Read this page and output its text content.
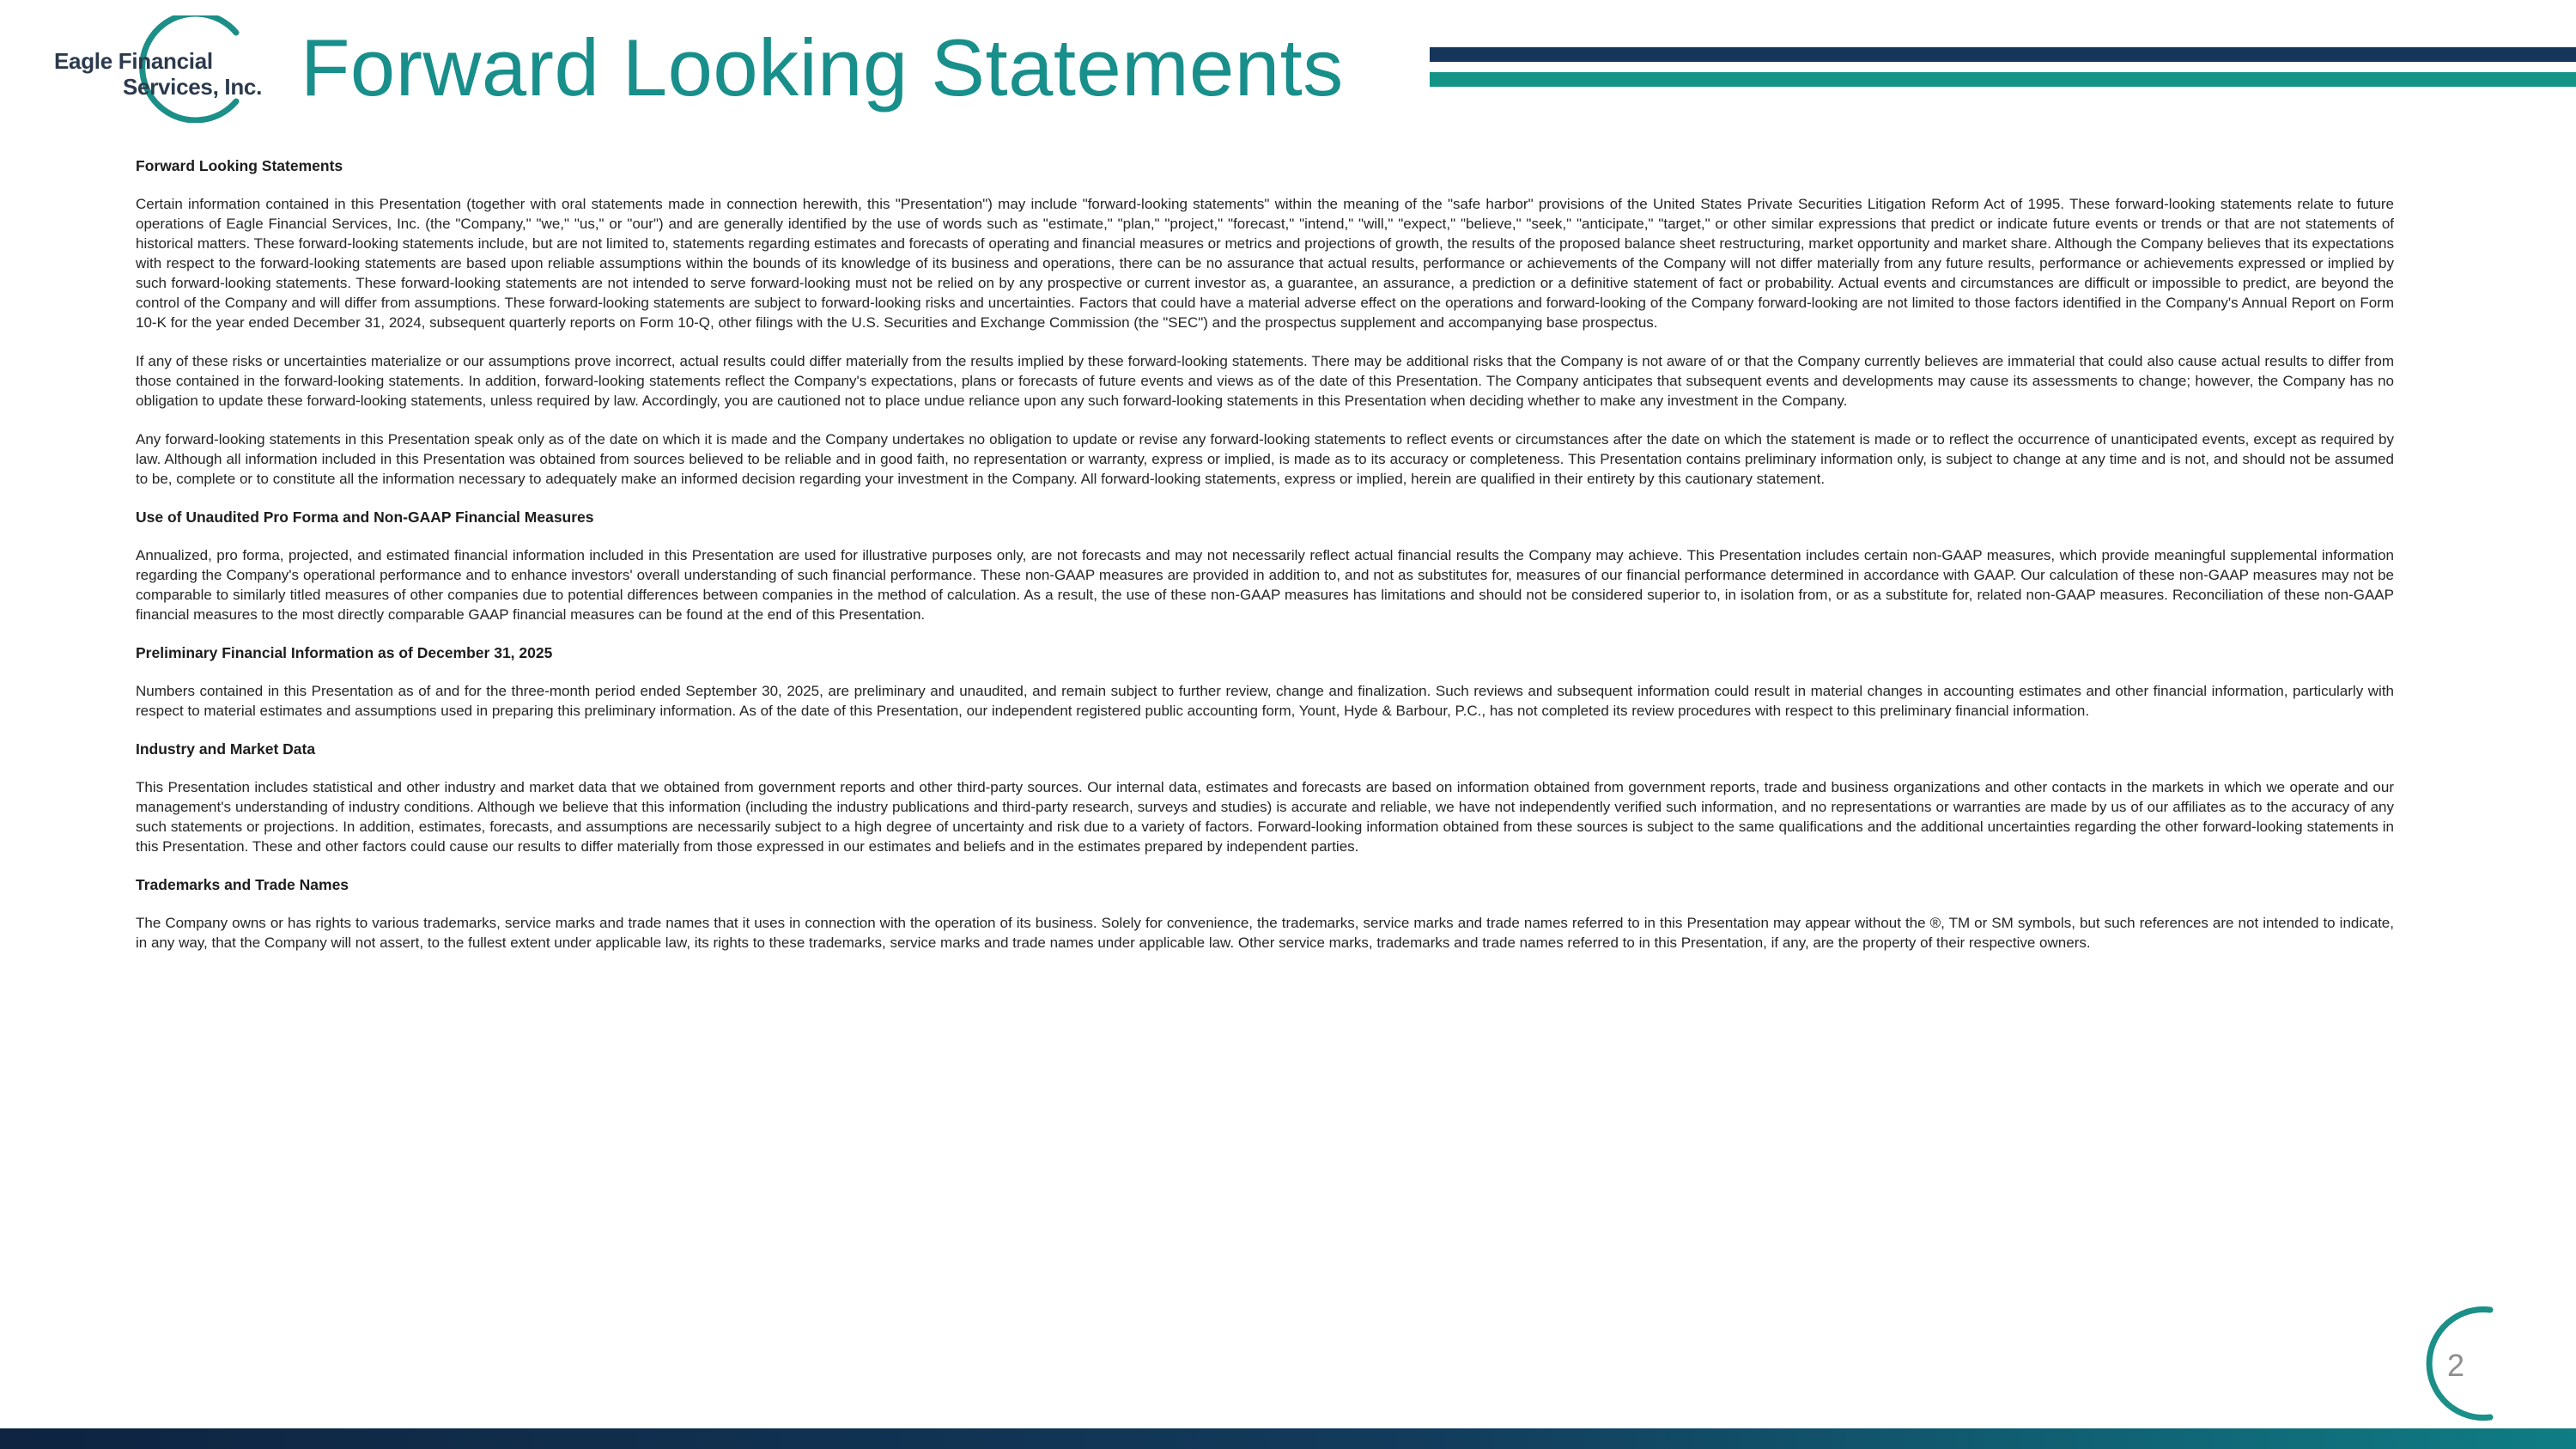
Eagle Financial
Services, Inc. Forward Looking Statements
Forward Looking Statements

Certain information contained in this Presentation (together with oral statements made in connection herewith, this "Presentation") may include "forward-looking statements" within the meaning of the "safe harbor" provisions of the United States Private Securities Litigation Reform Act of 1995. These forward-looking statements relate to future operations of Eagle Financial Services, Inc. (the "Company," "we," "us," or "our") and are generally identified by the use of words such as "estimate," "plan," "project," "forecast," "intend," "will," "expect," "believe," "seek," "anticipate," "target," or other similar expressions that predict or indicate future events or trends or that are not statements of historical matters. These forward-looking statements include, but are not limited to, statements regarding estimates and forecasts of operating and financial measures or metrics and projections of growth, the results of the proposed balance sheet restructuring, market opportunity and market share. Although the Company believes that its expectations with respect to the forward-looking statements are based upon reliable assumptions within the bounds of its knowledge of its business and operations, there can be no assurance that actual results, performance or achievements of the Company will not differ materially from any future results, performance or achievements expressed or implied by such forward-looking statements. These forward-looking statements are not intended to serve forward-looking must not be relied on by any prospective or current investor as, a guarantee, an assurance, a prediction or a definitive statement of fact or probability. Actual events and circumstances are difficult or impossible to predict, are beyond the control of the Company and will differ from assumptions. These forward-looking statements are subject to forward-looking risks and uncertainties. Factors that could have a material adverse effect on the operations and forward-looking of the Company forward-looking are not limited to those factors identified in the Company's Annual Report on Form 10-K for the year ended December 31, 2024, subsequent quarterly reports on Form 10-Q, other filings with the U.S. Securities and Exchange Commission (the "SEC") and the prospectus supplement and accompanying base prospectus.

If any of these risks or uncertainties materialize or our assumptions prove incorrect, actual results could differ materially from the results implied by these forward-looking statements. There may be additional risks that the Company is not aware of or that the Company currently believes are immaterial that could also cause actual results to differ from those contained in the forward-looking statements. In addition, forward-looking statements reflect the Company's expectations, plans or forecasts of future events and views as of the date of this Presentation. The Company anticipates that subsequent events and developments may cause its assessments to change; however, the Company has no obligation to update these forward-looking statements, unless required by law. Accordingly, you are cautioned not to place undue reliance upon any such forward-looking statements in this Presentation when deciding whether to make any investment in the Company.

Any forward-looking statements in this Presentation speak only as of the date on which it is made and the Company undertakes no obligation to update or revise any forward-looking statements to reflect events or circumstances after the date on which the statement is made or to reflect the occurrence of unanticipated events, except as required by law. Although all information included in this Presentation was obtained from sources believed to be reliable and in good faith, no representation or warranty, express or implied, is made as to its accuracy or completeness. This Presentation contains preliminary information only, is subject to change at any time and is not, and should not be assumed to be, complete or to constitute all the information necessary to adequately make an informed decision regarding your investment in the Company. All forward-looking statements, express or implied, herein are qualified in their entirety by this cautionary statement.

Use of Unaudited Pro Forma and Non-GAAP Financial Measures

Annualized, pro forma, projected, and estimated financial information included in this Presentation are used for illustrative purposes only, are not forecasts and may not necessarily reflect actual financial results the Company may achieve. This Presentation includes certain non-GAAP measures, which provide meaningful supplemental information regarding the Company's operational performance and to enhance investors' overall understanding of such financial performance. These non-GAAP measures are provided in addition to, and not as substitutes for, measures of our financial performance determined in accordance with GAAP. Our calculation of these non-GAAP measures may not be comparable to similarly titled measures of other companies due to potential differences between companies in the method of calculation. As a result, the use of these non-GAAP measures has limitations and should not be considered superior to, in isolation from, or as a substitute for, related non-GAAP measures. Reconciliation of these non-GAAP financial measures to the most directly comparable GAAP financial measures can be found at the end of this Presentation.

Preliminary Financial Information as of December 31, 2025

Numbers contained in this Presentation as of and for the three-month period ended September 30, 2025, are preliminary and unaudited, and remain subject to further review, change and finalization. Such reviews and subsequent information could result in material changes in accounting estimates and other financial information, particularly with respect to material estimates and assumptions used in preparing this preliminary information. As of the date of this Presentation, our independent registered public accounting form, Yount, Hyde & Barbour, P.C., has not completed its review procedures with respect to this preliminary financial information.

Industry and Market Data

This Presentation includes statistical and other industry and market data that we obtained from government reports and other third-party sources. Our internal data, estimates and forecasts are based on information obtained from government reports, trade and business organizations and other contacts in the markets in which we operate and our management's understanding of industry conditions. Although we believe that this information (including the industry publications and third-party research, surveys and studies) is accurate and reliable, we have not independently verified such information, and no representations or warranties are made by us of our affiliates as to the accuracy of any such statements or projections. In addition, estimates, forecasts, and assumptions are necessarily subject to a high degree of uncertainty and risk due to a variety of factors. Forward-looking information obtained from these sources is subject to the same qualifications and the additional uncertainties regarding the other forward-looking statements in this Presentation. These and other factors could cause our results to differ materially from those expressed in our estimates and beliefs and in the estimates prepared by independent parties.

Trademarks and Trade Names

The Company owns or has rights to various trademarks, service marks and trade names that it uses in connection with the operation of its business. Solely for convenience, the trademarks, service marks and trade names referred to in this Presentation may appear without the ®, TM or SM symbols, but such references are not intended to indicate, in any way, that the Company will not assert, to the fullest extent under applicable law, its rights to these trademarks, service marks and trade names under applicable law. Other service marks, trademarks and trade names referred to in this Presentation, if any, are the property of their respective owners.

2
